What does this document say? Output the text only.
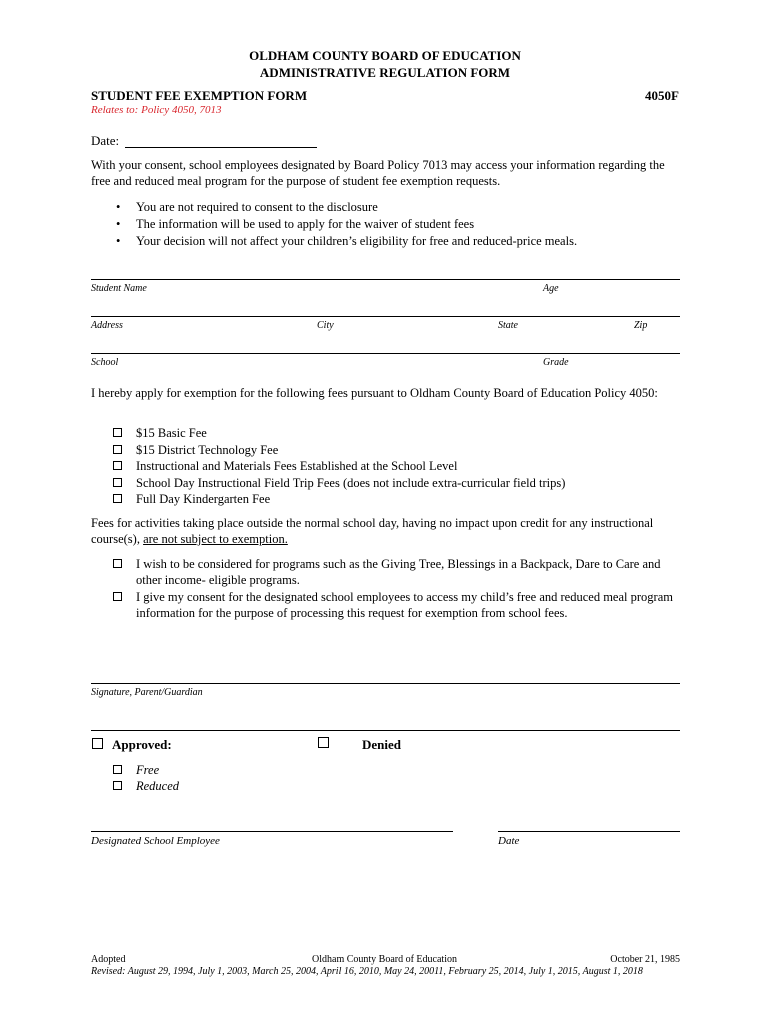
OLDHAM COUNTY BOARD OF EDUCATION
ADMINISTRATIVE REGULATION FORM
STUDENT FEE EXEMPTION FORM	4050F
Relates to: Policy 4050, 7013
Date:
With your consent, school employees designated by Board Policy 7013 may access your information regarding the free and reduced meal program for the purpose of student fee exemption requests.
• You are not required to consent to the disclosure
• The information will be used to apply for the waiver of student fees
• Your decision will not affect your children’s eligibility for free and reduced-price meals.
Student Name	Age
Address	City	State	Zip
School	Grade
I hereby apply for exemption for the following fees pursuant to Oldham County Board of Education Policy 4050:
$15 Basic Fee
$15 District Technology Fee
Instructional and Materials Fees Established at the School Level
School Day Instructional Field Trip Fees (does not include extra-curricular field trips)
Full Day Kindergarten Fee
Fees for activities taking place outside the normal school day, having no impact upon credit for any instructional course(s), are not subject to exemption.
I wish to be considered for programs such as the Giving Tree, Blessings in a Backpack, Dare to Care and other income- eligible programs.
I give my consent for the designated school employees to access my child’s free and reduced meal program information for the purpose of processing this request for exemption from school fees.
Signature, Parent/Guardian
Approved:	Denied
Free
Reduced
Designated School Employee	Date
Adopted	Oldham County Board of Education	October 21, 1985
Revised: August 29, 1994, July 1, 2003, March 25, 2004, April 16, 2010, May 24, 20011, February 25, 2014, July 1, 2015, August 1, 2018
